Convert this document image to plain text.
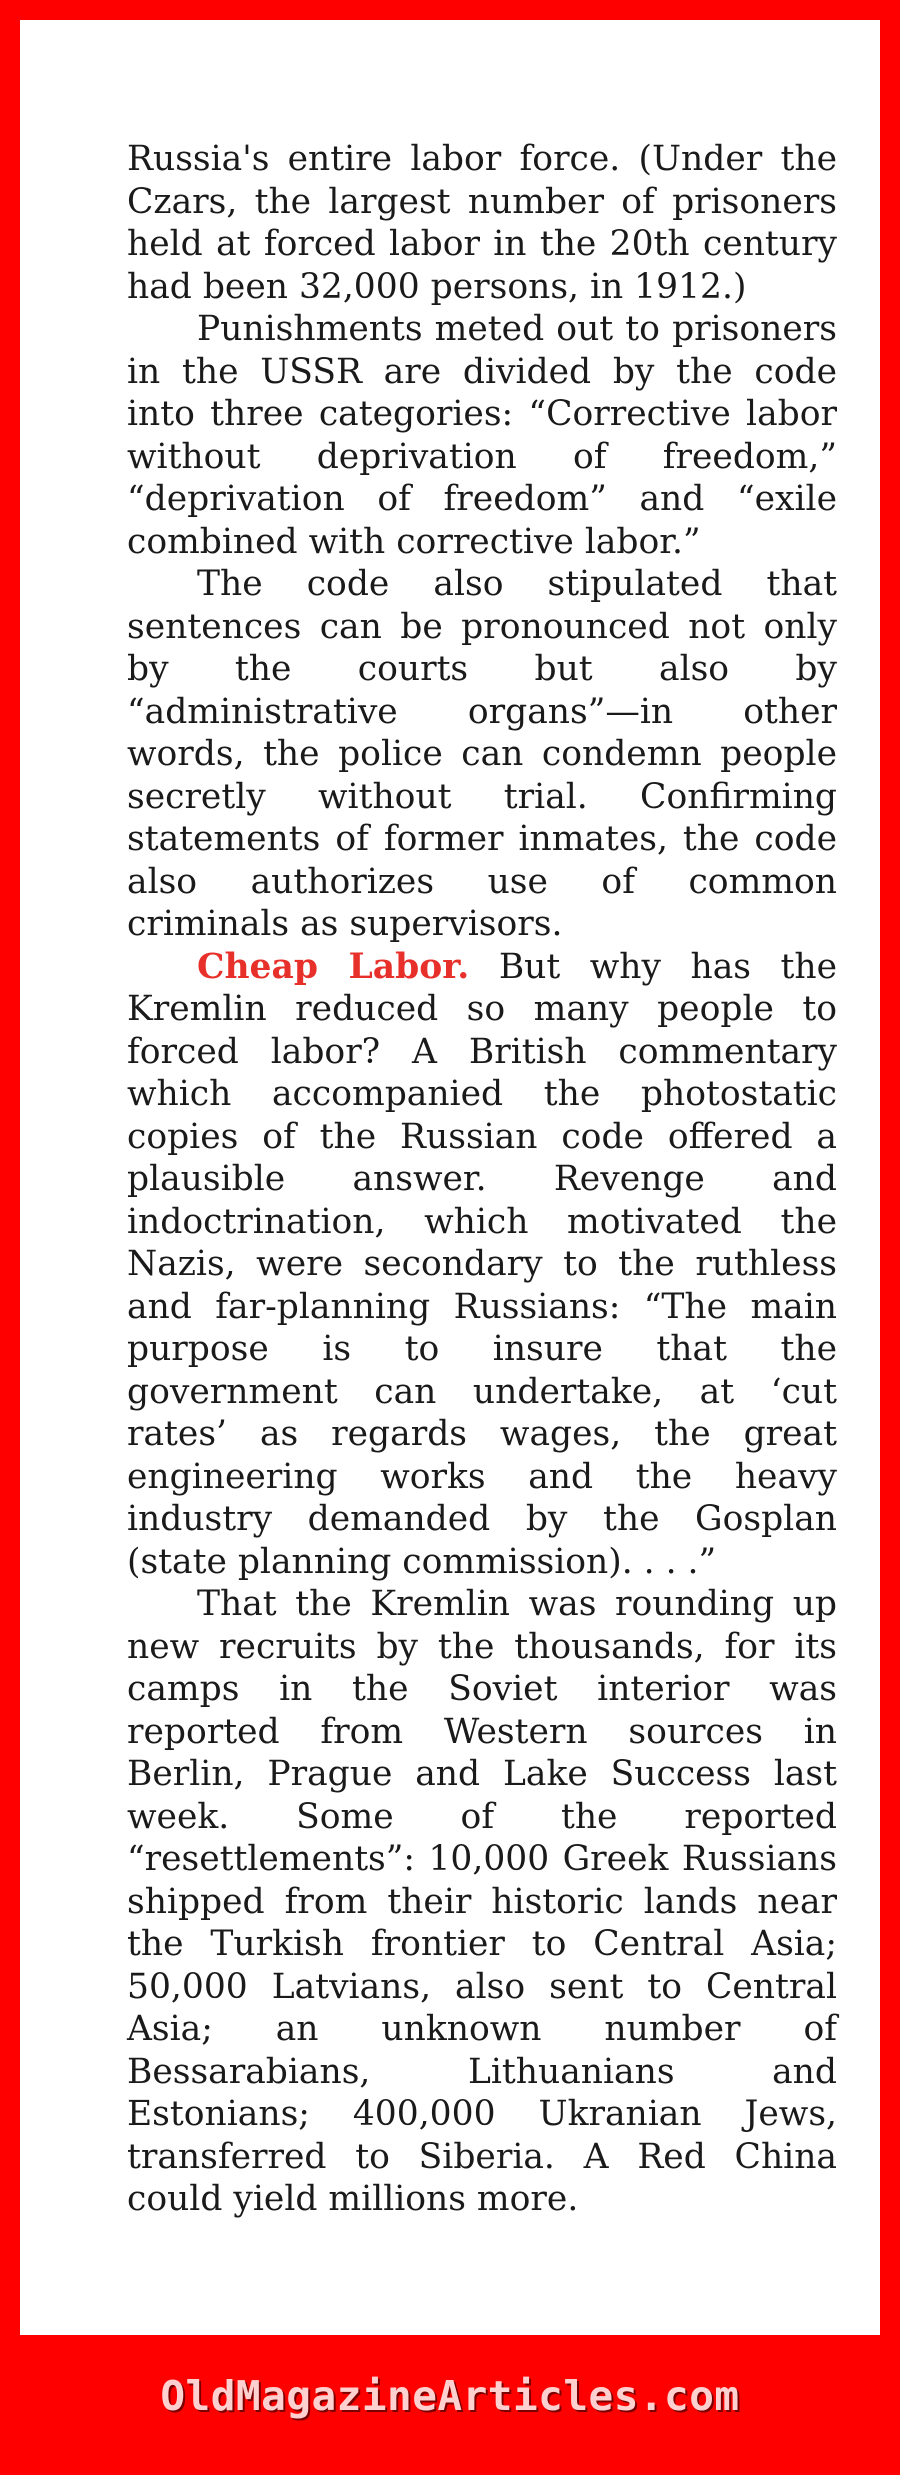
Russia's entire labor force. (Under the Czars, the largest number of prisoners held at forced labor in the 20th century had been 32,000 persons, in 1912.)

Punishments meted out to prisoners in the USSR are divided by the code into three categories: “Corrective labor without deprivation of freedom,” “deprivation of freedom” and “exile combined with corrective labor.”

The code also stipulated that sentences can be pronounced not only by the courts but also by “administrative organs”—in other words, the police can condemn people secretly without trial. Confirming statements of former inmates, the code also authorizes use of common criminals as supervisors.

Cheap Labor. But why has the Kremlin reduced so many people to forced labor? A British commentary which accompanied the photostatic copies of the Russian code offered a plausible answer. Revenge and indoctrination, which motivated the Nazis, were secondary to the ruthless and far-planning Russians: “The main purpose is to insure that the government can undertake, at ‘cut rates’ as regards wages, the great engineering works and the heavy industry demanded by the Gosplan (state planning commission). . . .”

That the Kremlin was rounding up new recruits by the thousands, for its camps in the Soviet interior was reported from Western sources in Berlin, Prague and Lake Success last week. Some of the reported “resettlements”: 10,000 Greek Russians shipped from their historic lands near the Turkish frontier to Central Asia; 50,000 Latvians, also sent to Central Asia; an unknown number of Bessarabians, Lithuanians and Estonians; 400,000 Ukranian Jews, transferred to Siberia. A Red China could yield millions more.

OldMagazineArticles.com
